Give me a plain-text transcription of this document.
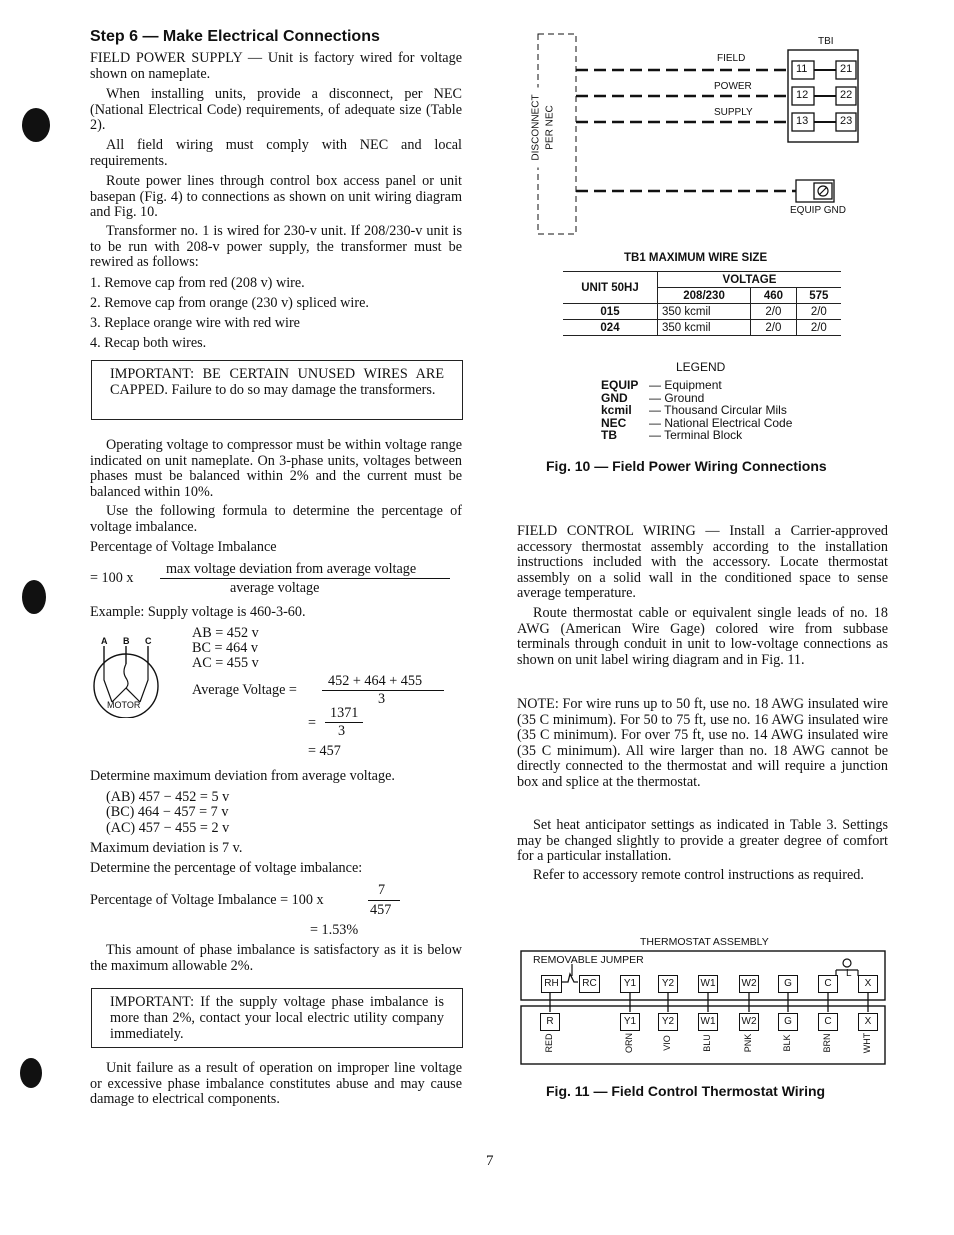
Step 6 — Make Electrical Connections
FIELD POWER SUPPLY — Unit is factory wired for voltage shown on nameplate.
When installing units, provide a disconnect, per NEC (National Electrical Code) requirements, of adequate size (Table 2).
All field wiring must comply with NEC and local requirements.
Route power lines through control box access panel or unit basepan (Fig. 4) to connections as shown on unit wiring diagram and Fig. 10.
Transformer no. 1 is wired for 230-v unit. If 208/230-v unit is to be run with 208-v power supply, the transformer must be rewired as follows:
1. Remove cap from red (208 v) wire.
2. Remove cap from orange (230 v) spliced wire.
3. Replace orange wire with red wire
4. Recap both wires.
IMPORTANT: BE CERTAIN UNUSED WIRES ARE CAPPED. Failure to do so may damage the transformers.
Operating voltage to compressor must be within voltage range indicated on unit nameplate. On 3-phase units, voltages between phases must be balanced within 2% and the current must be balanced within 10%.
Use the following formula to determine the percentage of voltage imbalance.
Percentage of Voltage Imbalance
= 100 x
max voltage deviation from average voltage
average voltage
Example: Supply voltage is 460-3-60.
A B C
MOTOR
AB = 452 v
BC = 464 v
AC = 455 v
Average Voltage =
452 + 464 + 455
3
=
1371
3
= 457
Determine maximum deviation from average voltage.
(AB) 457 − 452 = 5 v
(BC) 464 − 457 = 7 v
(AC) 457 − 455 = 2 v
Maximum deviation is 7 v.
Determine the percentage of voltage imbalance:
Percentage of Voltage Imbalance = 100 x
7
457
= 1.53%
This amount of phase imbalance is satisfactory as it is below the maximum allowable 2%.
IMPORTANT: If the supply voltage phase imbalance is more than 2%, contact your local electric utility company immediately.
Unit failure as a result of operation on improper line voltage or excessive phase imbalance constitutes abuse and may cause damage to electrical components.
TBI
FIELD
POWER
SUPPLY
DISCONNECT PER NEC
11
12
13
21
22
23
EQUIP GND
TB1 MAXIMUM WIRE SIZE
UNIT 50HJ	VOLTAGE		
	208/230	460	575
015	350 kcmil	2/0	2/0
024	350 kcmil	2/0	2/0
LEGEND
EQUIP — Equipment
GND — Ground
kcmil — Thousand Circular Mils
NEC — National Electrical Code
TB	— Terminal Block
Fig. 10 — Field Power Wiring Connections
FIELD CONTROL WIRING — Install a Carrier-approved accessory thermostat assembly according to the installation instructions included with the accessory. Locate thermostat assembly on a solid wall in the conditioned space to sense average temperature.
Route thermostat cable or equivalent single leads of no. 18 AWG (American Wire Gage) colored wire from subbase terminals through conduit in unit to low-voltage connections as shown on unit label wiring diagram and in Fig. 11.
NOTE: For wire runs up to 50 ft, use no. 18 AWG insulated wire (35 C minimum). For 50 to 75 ft, use no. 16 AWG insulated wire (35 C minimum). For over 75 ft, use no. 14 AWG insulated wire (35 C minimum). All wire larger than no. 18 AWG cannot be directly connected to the thermostat and will require a junction box and splice at the thermostat.
Set heat anticipator settings as indicated in Table 3. Settings may be changed slightly to provide a greater degree of comfort for a particular installation.
Refer to accessory remote control instructions as required.
THERMOSTAT ASSEMBLY
REMOVABLE JUMPER
L
RH	RC	Y1	Y2	W1	W2	G	C	X
R	Y1	Y2	W1	W2	G	C	X
RED	ORN	VIO	BLU	PNK	BLK	BRN	WHT
Fig. 11 — Field Control Thermostat Wiring
7
